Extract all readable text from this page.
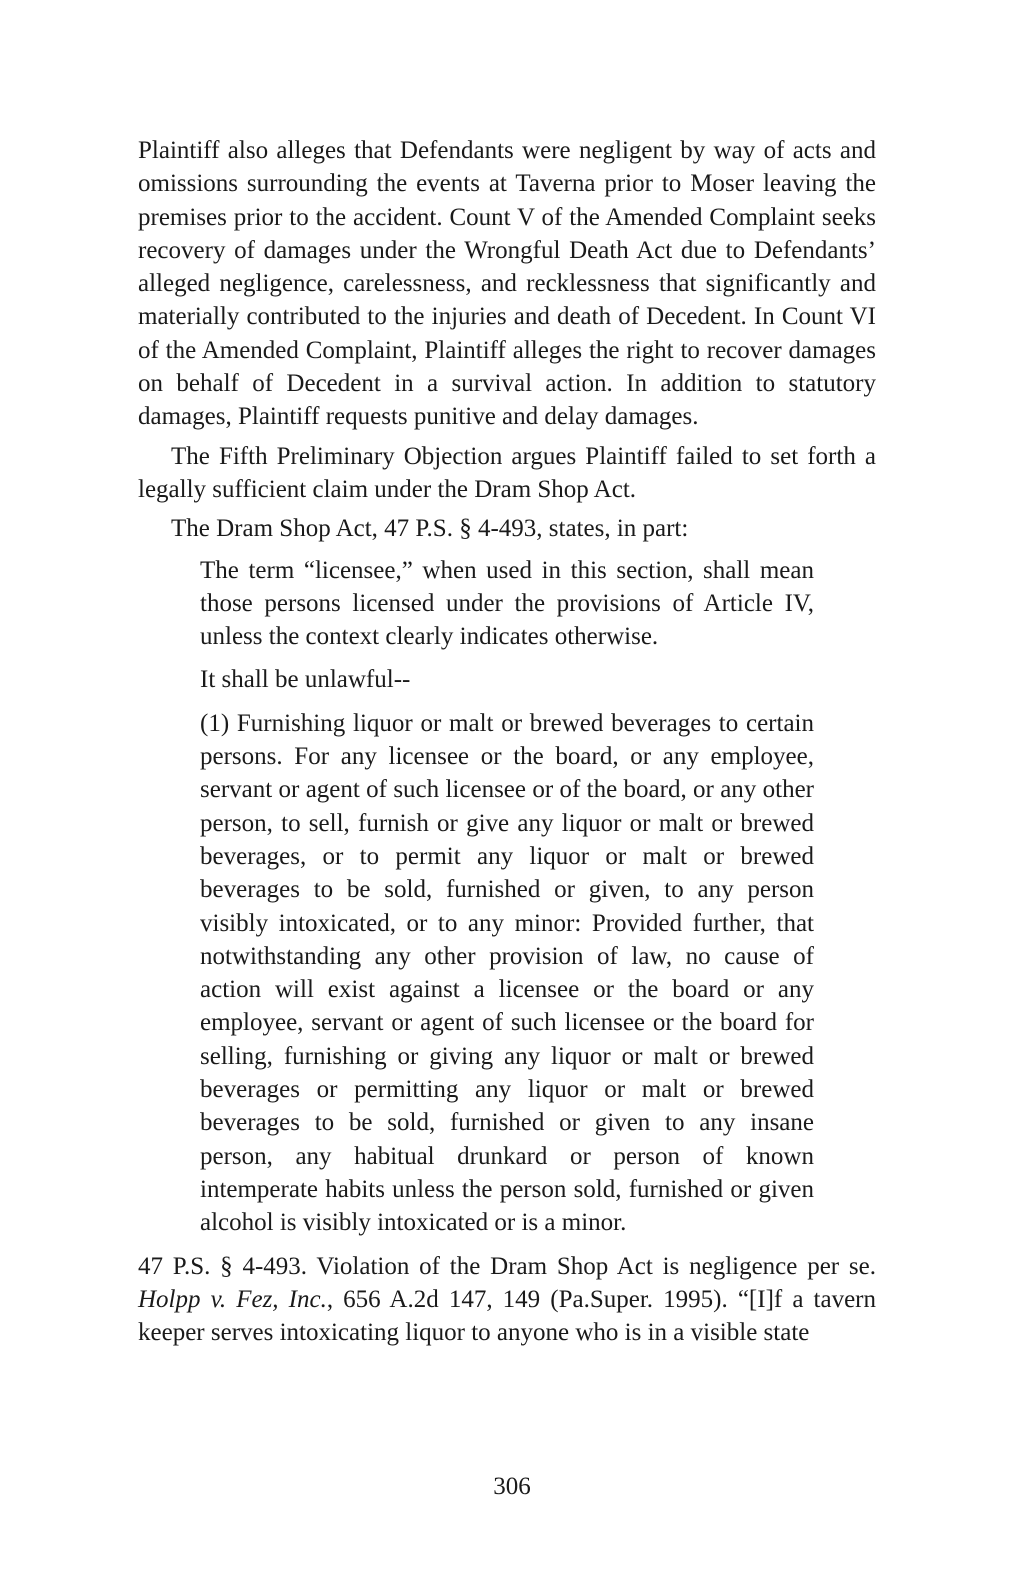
Plaintiff also alleges that Defendants were negligent by way of acts and omissions surrounding the events at Taverna prior to Moser leaving the premises prior to the accident. Count V of the Amended Complaint seeks recovery of damages under the Wrongful Death Act due to Defendants’ alleged negligence, carelessness, and recklessness that significantly and materially contributed to the injuries and death of Decedent. In Count VI of the Amended Complaint, Plaintiff alleges the right to recover damages on behalf of Decedent in a survival action. In addition to statutory damages, Plaintiff requests punitive and delay damages.

The Fifth Preliminary Objection argues Plaintiff failed to set forth a legally sufficient claim under the Dram Shop Act.

The Dram Shop Act, 47 P.S. § 4-493, states, in part:

The term “licensee,” when used in this section, shall mean those persons licensed under the provisions of Article IV, unless the context clearly indicates otherwise.

It shall be unlawful--

(1) Furnishing liquor or malt or brewed beverages to certain persons. For any licensee or the board, or any employee, servant or agent of such licensee or of the board, or any other person, to sell, furnish or give any liquor or malt or brewed beverages, or to permit any liquor or malt or brewed beverages to be sold, furnished or given, to any person visibly intoxicated, or to any minor: Provided further, that notwithstanding any other provision of law, no cause of action will exist against a licensee or the board or any employee, servant or agent of such licensee or the board for selling, furnishing or giving any liquor or malt or brewed beverages or permitting any liquor or malt or brewed beverages to be sold, furnished or given to any insane person, any habitual drunkard or person of known intemperate habits unless the person sold, furnished or given alcohol is visibly intoxicated or is a minor.

47 P.S. § 4-493. Violation of the Dram Shop Act is negligence per se. Holpp v. Fez, Inc., 656 A.2d 147, 149 (Pa.Super. 1995). “[I]f a tavern keeper serves intoxicating liquor to anyone who is in a visible state

306
